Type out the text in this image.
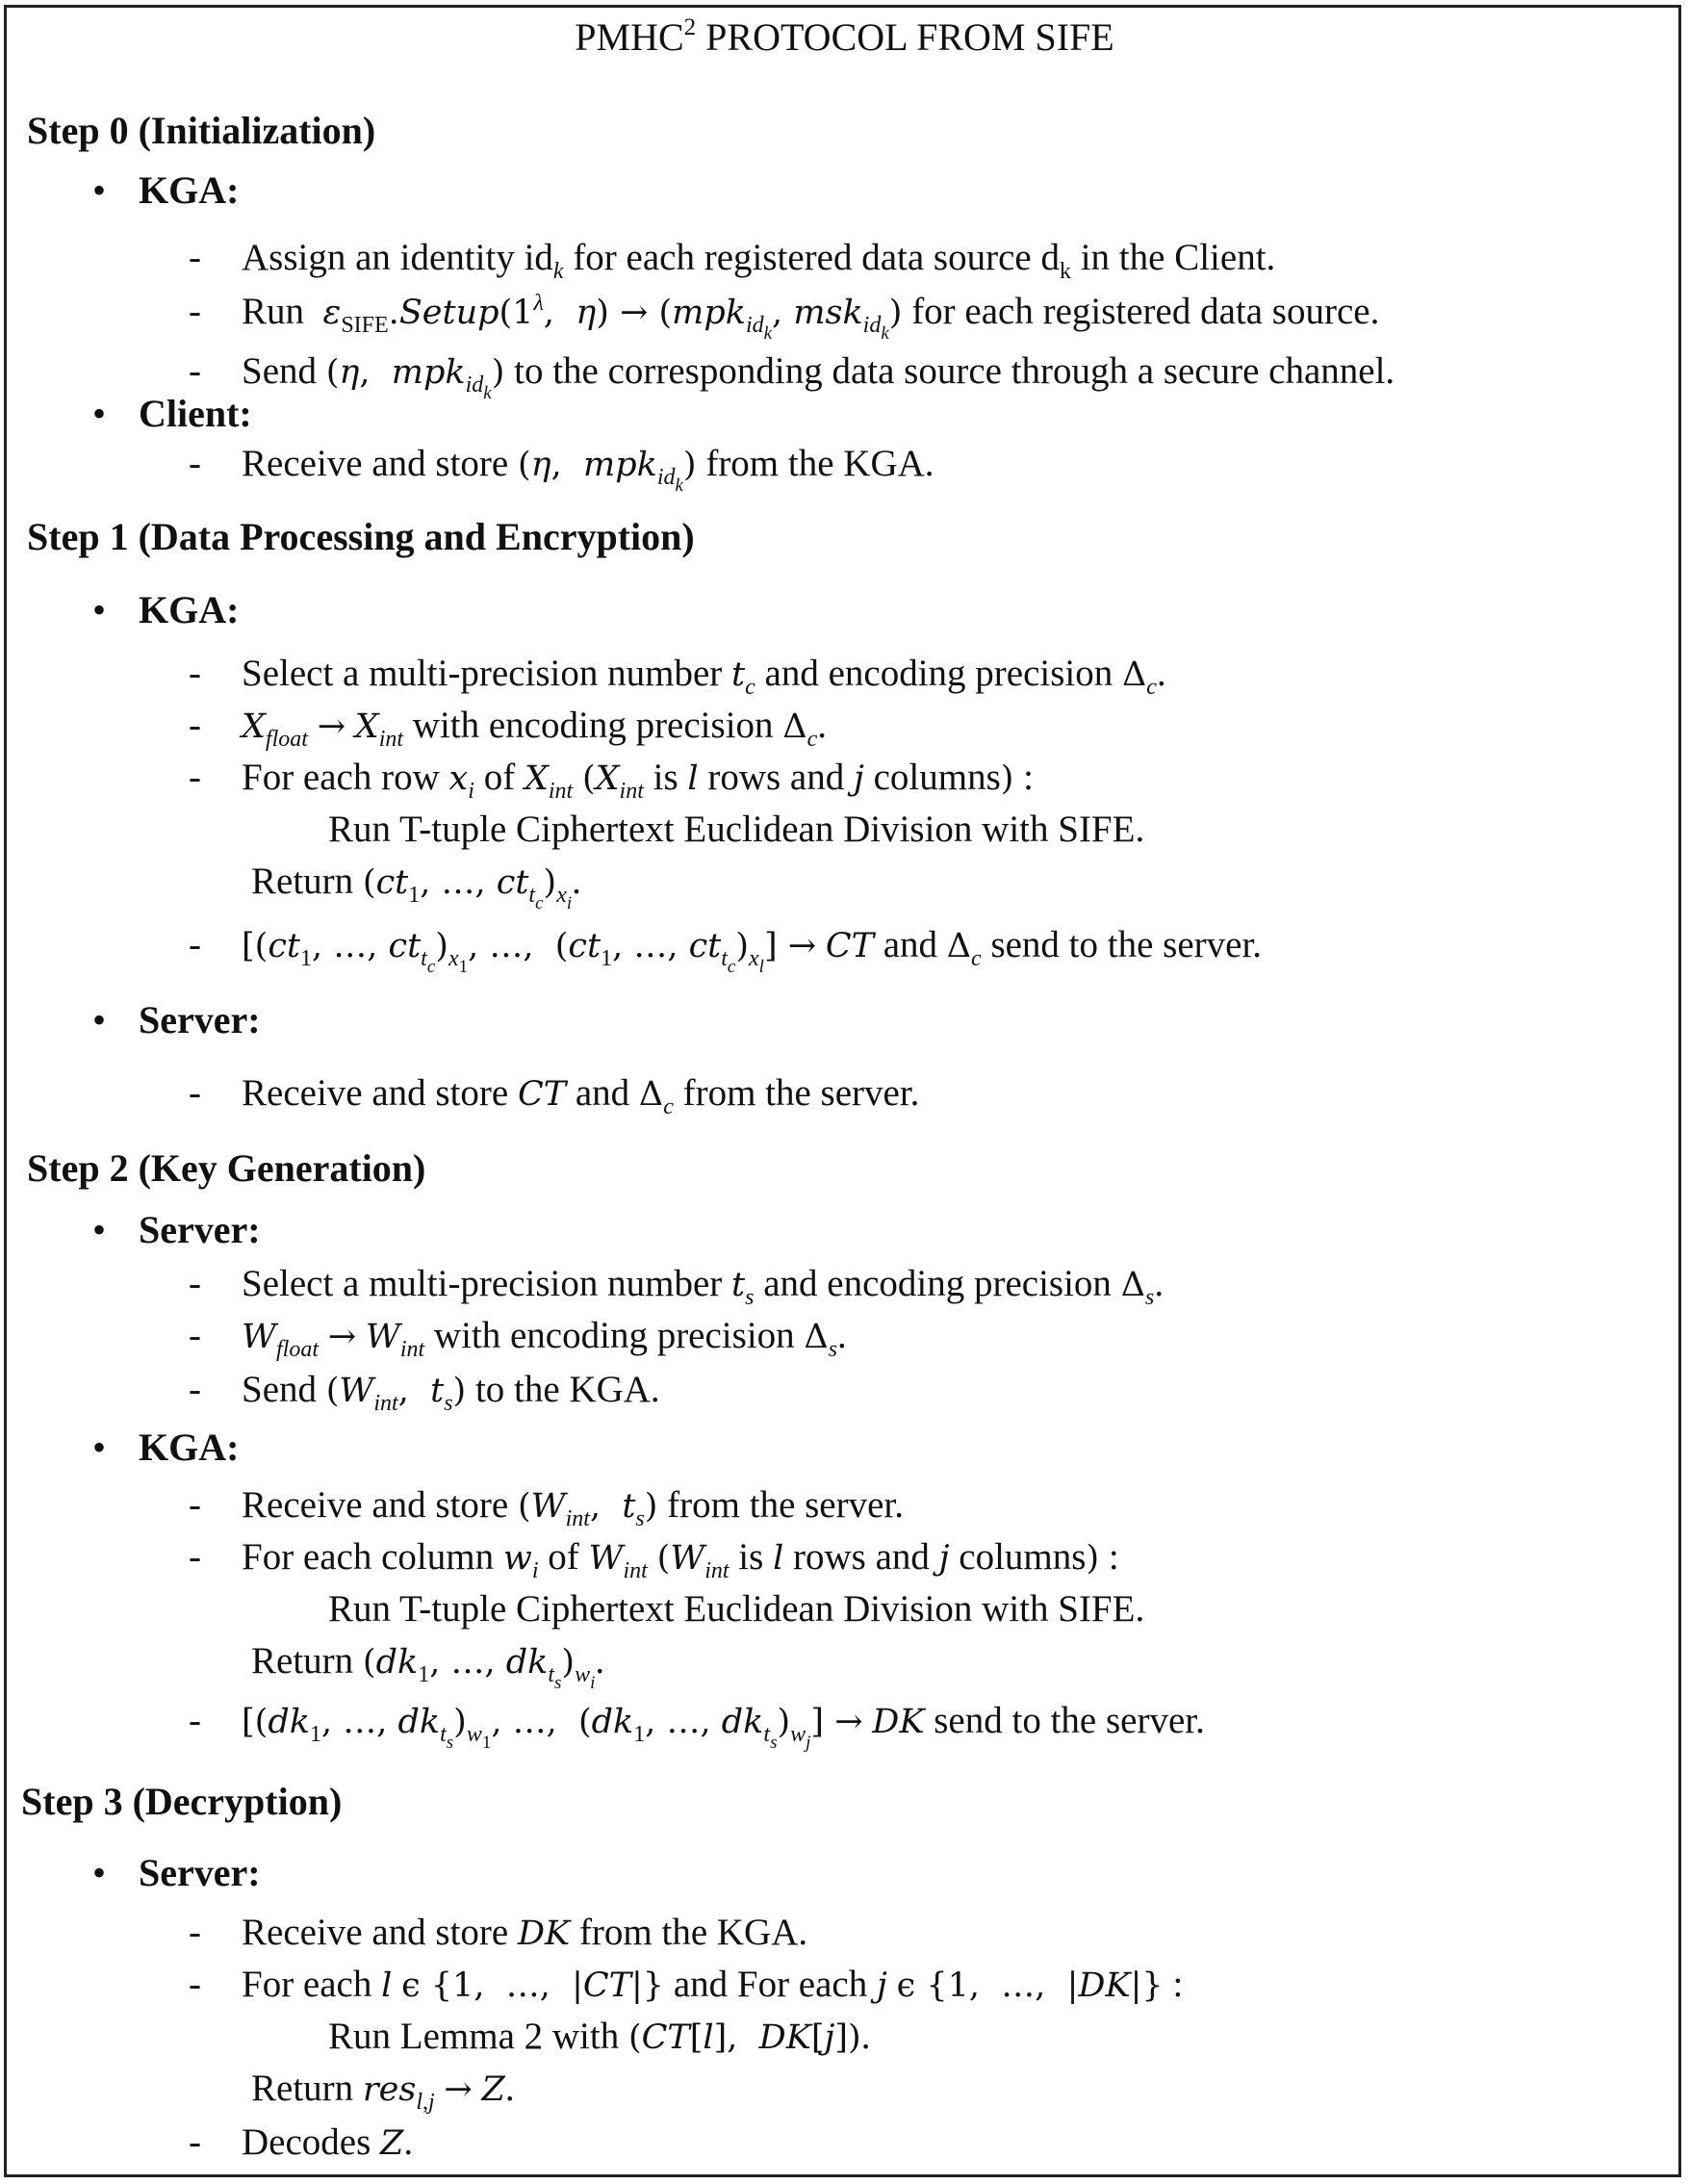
PMHC$^2$ PROTOCOL FROM SIFE
Step 0 (Initialization)
• KGA:
- Assign an identity $id_k$ for each registered data source $d_k$ in the Client.
- Run  $\varepsilon_{SIFE}.Setup(1^\lambda$,  η) → (mpk$_{id_k}$, msk$_{id_k}$) for each registered data source.
- Send (η,  mpk$_{id_k}$) to the corresponding data source through a secure channel.
• Client:
- Receive and store (η,  mpk$_{id_k}$) from the KGA.
Step 1 (Data Processing and Encryption)
• KGA:
- Select a multi-precision number $t_c$ and encoding precision $\Delta_c$.
- $X_{float} \to X_{int}$ with encoding precision $\Delta_c$.
- For each row $x_i$ of $X_{int}$ ($X_{int}$ is l rows and j columns) :
Run T-tuple Ciphertext Euclidean Division with SIFE.
Return ($ct_1$, …, $ct_{t_c})_{x_i}$.
- [($ct_1$, …, $ct_{t_c})_{x_1}$, …,  ($ct_1$, …, $ct_{t_c})_{x_l}$] → CT and $\Delta_c$ send to the server.
• Server:
- Receive and store CT and $\Delta_c$ from the server.
Step 2 (Key Generation)
• Server:
- Select a multi-precision number $t_s$ and encoding precision $\Delta_s$.
- $W_{float} \to W_{int}$ with encoding precision $\Delta_s$.
- Send ($W_{int}$,  $t_s$) to the KGA.
• KGA:
- Receive and store ($W_{int}$,  $t_s$) from the server.
- For each column $w_i$ of $W_{int}$ ($W_{int}$ is l rows and j columns) :
Run T-tuple Ciphertext Euclidean Division with SIFE.
Return ($dk_1$, …, $dk_{t_s})_{w_i}$.
- [($dk_1$, …, $dk_{t_s})_{w_1}$, …,  ($dk_1$, …, $dk_{t_s})_{w_j}$] → DK send to the server.
Step 3 (Decryption)
• Server:
- Receive and store DK from the KGA.
- For each l ϵ {1,  …,  |CT|} and For each j ϵ {1,  …,  |DK|} :
Run Lemma 2 with (CT[l],  DK[j]).
Return res$_{l,j}$ → Z.
- Decodes Z.
